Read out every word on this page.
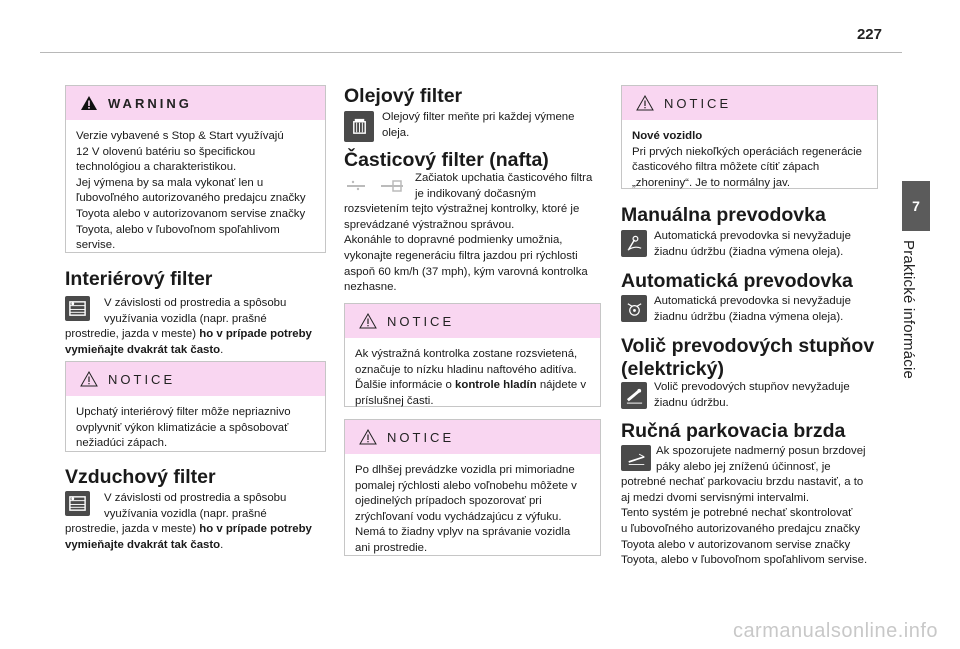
227
7
Praktické informácie
WARNING
Verzie vybavené s Stop & Start využívajú
12 V olovenú batériu so špecifickou
technológiou a charakteristikou.
Jej výmena by sa mala vykonať len u
ľubovoľného autorizovaného predajcu značky
Toyota alebo v autorizovanom servise značky
Toyota, alebo v ľubovoľnom spoľahlivom
servise.
Interiérový filter
V závislosti od prostredia a spôsobu
využívania vozidla (napr. prašné
prostredie, jazda v meste) ho v prípade potreby
vymieňajte dvakrát tak často.
NOTICE
Upchatý interiérový filter môže nepriaznivo
ovplyvniť výkon klimatizácie a spôsobovať
nežiadúci zápach.
Vzduchový filter
V závislosti od prostredia a spôsobu
využívania vozidla (napr. prašné
prostredie, jazda v meste) ho v prípade potreby
vymieňajte dvakrát tak často.
Olejový filter
Olejový filter meňte pri každej výmene
oleja.
Časticový filter (nafta)
Začiatok upchatia časticového filtra
je indikovaný dočasným
rozsvietením tejto výstražnej kontrolky, ktoré je
sprevádzané výstražnou správou.
Akonáhle to dopravné podmienky umožnia,
vykonajte regeneráciu filtra jazdou pri rýchlosti
aspoň 60 km/h (37 mph), kým varovná kontrolka
nezhasne.
NOTICE
Ak výstražná kontrolka zostane rozsvietená,
označuje to nízku hladinu naftového aditíva.
Ďalšie informácie o kontrole hladín nájdete v
príslušnej časti.
NOTICE
Po dlhšej prevádzke vozidla pri mimoriadne
pomalej rýchlosti alebo voľnobehu môžete v
ojedinelých prípadoch spozorovať pri
zrýchľovaní vodu vychádzajúcu z výfuku.
Nemá to žiadny vplyv na správanie vozidla
ani prostredie.
NOTICE
Nové vozidlo
Pri prvých niekoľkých operáciách regenerácie
časticového filtra môžete cítiť zápach
„zhoreniny“. Je to normálny jav.
Manuálna prevodovka
Automatická prevodovka si nevyžaduje
žiadnu údržbu (žiadna výmena oleja).
Automatická prevodovka
Automatická prevodovka si nevyžaduje
žiadnu údržbu (žiadna výmena oleja).
Volič prevodových stupňov
(elektrický)
Volič prevodových stupňov nevyžaduje
žiadnu údržbu.
Ručná parkovacia brzda
Ak spozorujete nadmerný posun brzdovej
páky alebo jej zníženú účinnosť, je
potrebné nechať parkovaciu brzdu nastaviť, a to
aj medzi dvomi servisnými intervalmi.
Tento systém je potrebné nechať skontrolovať
u ľubovoľného autorizovaného predajcu značky
Toyota alebo v autorizovanom servise značky
Toyota, alebo v ľubovoľnom spoľahlivom servise.
carmanualsonline.info
